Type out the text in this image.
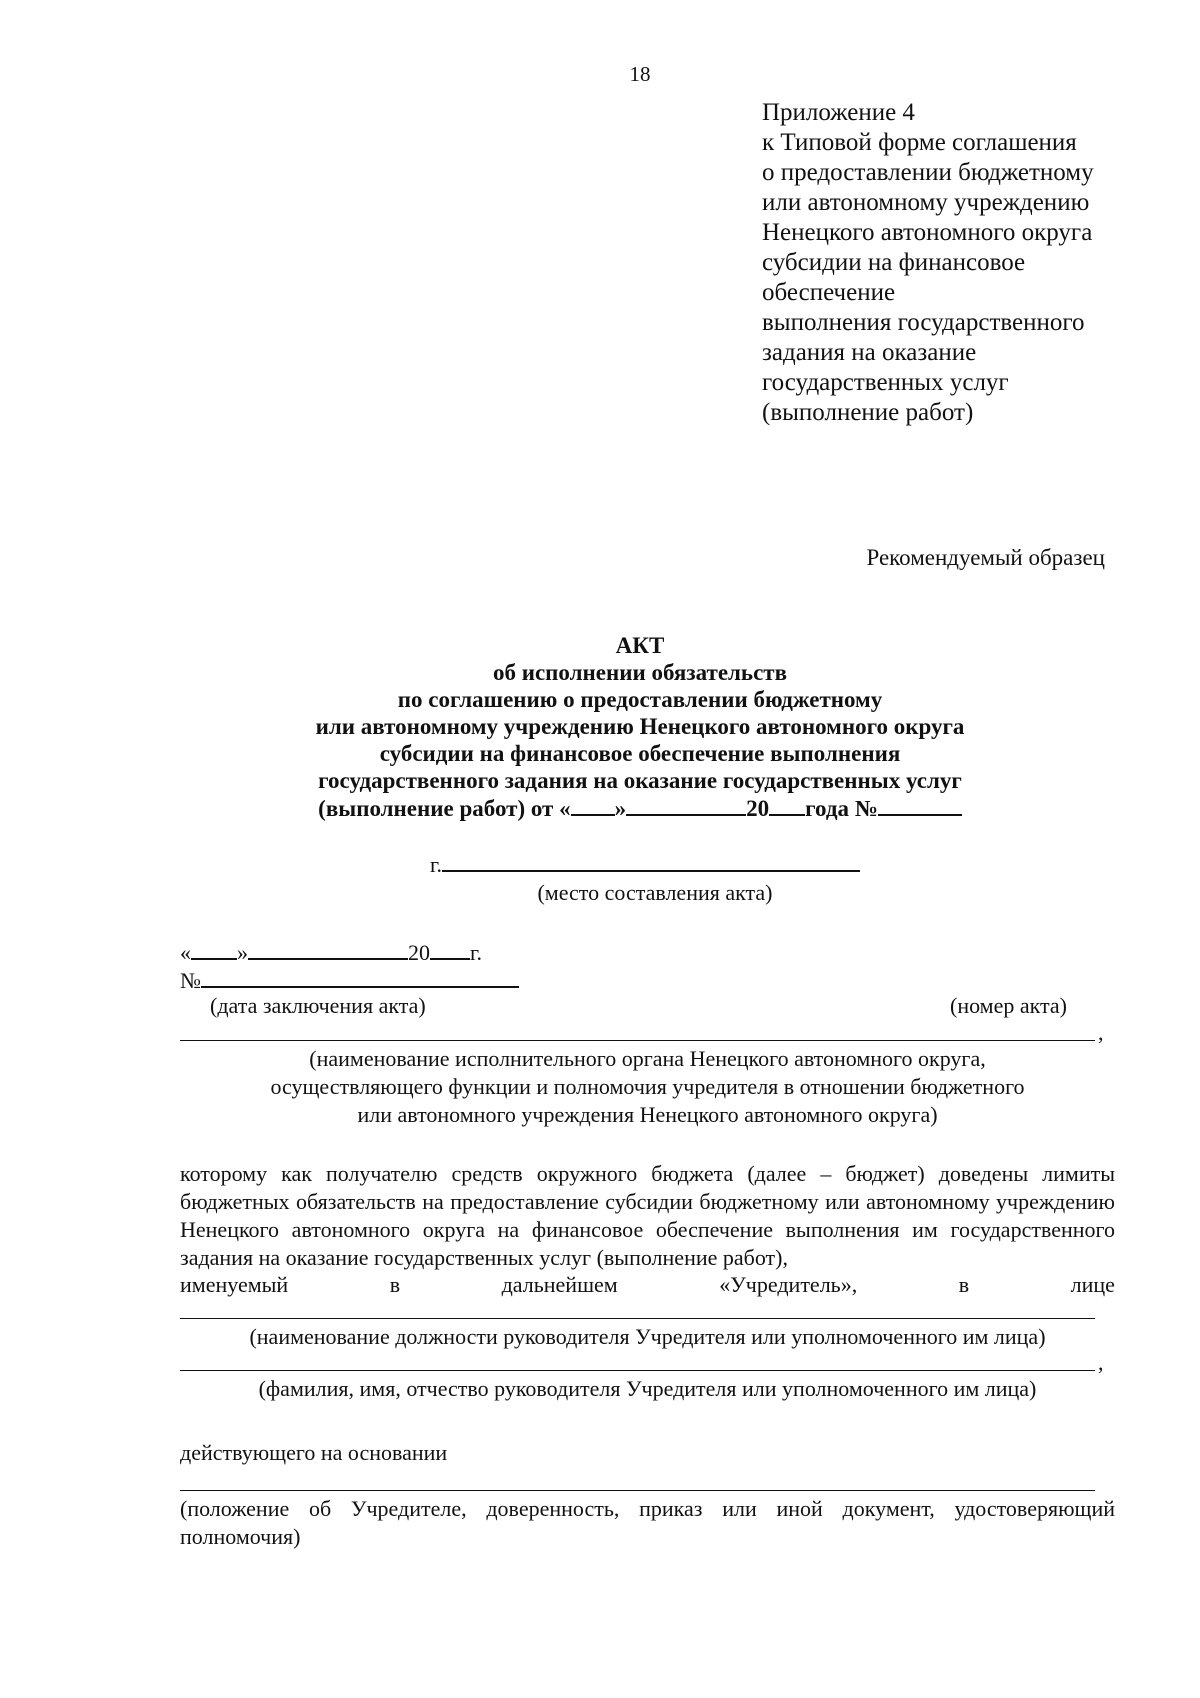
18
Приложение 4
к Типовой форме соглашения
о предоставлении бюджетному
или автономному учреждению
Ненецкого автономного округа
субсидии на финансовое
обеспечение
выполнения государственного
задания на оказание
государственных услуг
(выполнение работ)
Рекомендуемый образец
АКТ
об исполнении обязательств
по соглашению о предоставлении бюджетному
или автономному учреждению Ненецкого автономного округа
субсидии на финансовое обеспечение выполнения
государственного задания на оказание государственных услуг
(выполнение работ) от « »	20 года №
г.
(место составления акта)
« »	20 г.
№
(дата заключения акта)	(номер акта)
,
(наименование исполнительного органа Ненецкого автономного округа,
осуществляющего функции и полномочия учредителя в отношении бюджетного
или автономного учреждения Ненецкого автономного округа)
которому как получателю средств окружного бюджета (далее – бюджет) доведены лимиты бюджетных обязательств на предоставление субсидии бюджетному или автономному учреждению Ненецкого автономного округа на финансовое обеспечение выполнения им государственного задания на оказание государственных услуг (выполнение работ),
именуемый	в	дальнейшем	«Учредитель»,	в	лице
(наименование должности руководителя Учредителя или уполномоченного им лица)
,
(фамилия, имя, отчество руководителя Учредителя или уполномоченного им лица)
действующего на основании
(положение об Учредителе, доверенность, приказ или иной документ, удостоверяющий полномочия)
